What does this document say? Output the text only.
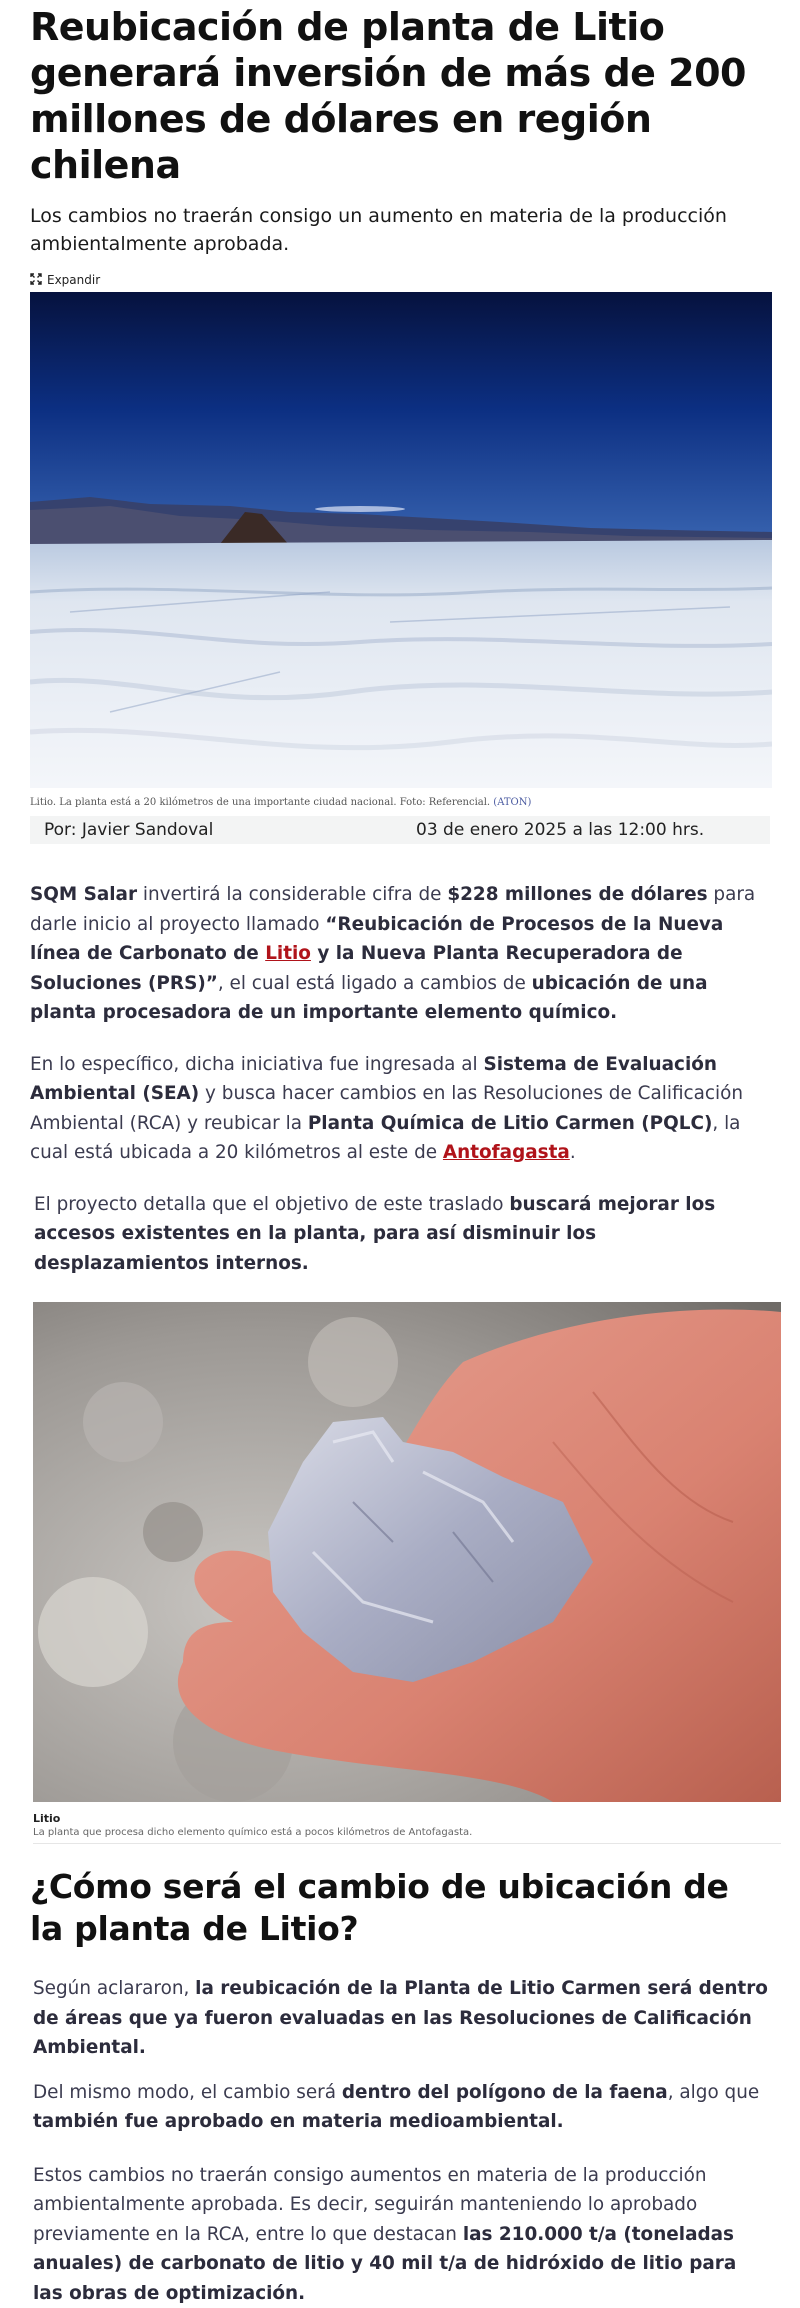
Reubicación de planta de Litio generará inversión de más de 200 millones de dólares en región chilena

Los cambios no traerán consigo un aumento en materia de la producción ambientalmente aprobada.

Expandir

Litio. La planta está a 20 kilómetros de una importante ciudad nacional. Foto: Referencial. (ATON)

Por: Javier Sandoval	03 de enero 2025 a las 12:00 hrs.

SQM Salar invertirá la considerable cifra de $228 millones de dólares para darle inicio al proyecto llamado “Reubicación de Procesos de la Nueva línea de Carbonato de Litio y la Nueva Planta Recuperadora de Soluciones (PRS)”, el cual está ligado a cambios de ubicación de una planta procesadora de un importante elemento químico.

En lo específico, dicha iniciativa fue ingresada al Sistema de Evaluación Ambiental (SEA) y busca hacer cambios en las Resoluciones de Calificación Ambiental (RCA) y reubicar la Planta Química de Litio Carmen (PQLC), la cual está ubicada a 20 kilómetros al este de Antofagasta.

El proyecto detalla que el objetivo de este traslado buscará mejorar los accesos existentes en la planta, para así disminuir los desplazamientos internos.

Litio

La planta que procesa dicho elemento químico está a pocos kilómetros de Antofagasta.

¿Cómo será el cambio de ubicación de la planta de Litio?

Según aclararon, la reubicación de la Planta de Litio Carmen será dentro de áreas que ya fueron evaluadas en las Resoluciones de Calificación Ambiental.

Del mismo modo, el cambio será dentro del polígono de la faena, algo que también fue aprobado en materia medioambiental.

Estos cambios no traerán consigo aumentos en materia de la producción ambientalmente aprobada. Es decir, seguirán manteniendo lo aprobado previamente en la RCA, entre lo que destacan las 210.000 t/a (toneladas anuales) de carbonato de litio y 40 mil t/a de hidróxido de litio para las obras de optimización.
